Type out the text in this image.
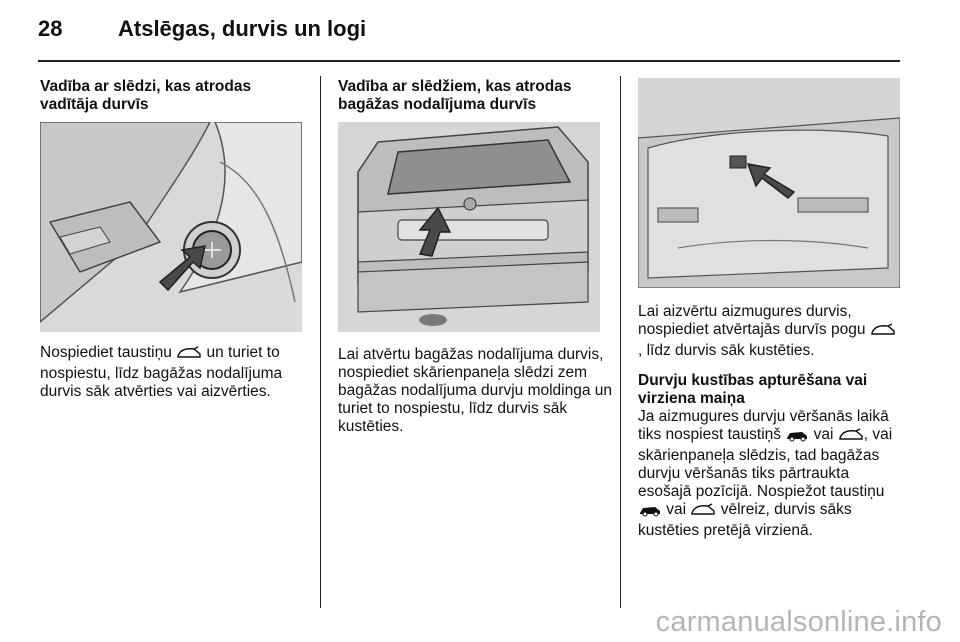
28	Atslēgas, durvis un logi

Vadība ar slēdzi, kas atrodas vadītāja durvīs

Nospiediet taustiņu  un turiet to nospiestu, līdz bagāžas nodalījuma durvis sāk atvērties vai aizvērties.

Vadība ar slēdžiem, kas atrodas bagāžas nodalījuma durvīs

Lai atvērtu bagāžas nodalījuma durvis, nospiediet skārienpaneļa slēdzi zem bagāžas nodalījuma durvju moldinga un turiet to nospiestu, līdz durvis sāk kustēties.

Lai aizvērtu aizmugures durvis, nospiediet atvērtajās durvīs pogu , līdz durvis sāk kustēties.

Durvju kustības apturēšana vai virziena maiņa

Ja aizmugures durvju vēršanās laikā tiks nospiest taustiņš  vai , vai skārienpaneļa slēdzis, tad bagāžas durvju vēršanās tiks pārtraukta esošajā pozīcijā. Nospiežot taustiņu  vai  vēlreiz, durvis sāks kustēties pretējā virzienā.

carmanualsonline.info
